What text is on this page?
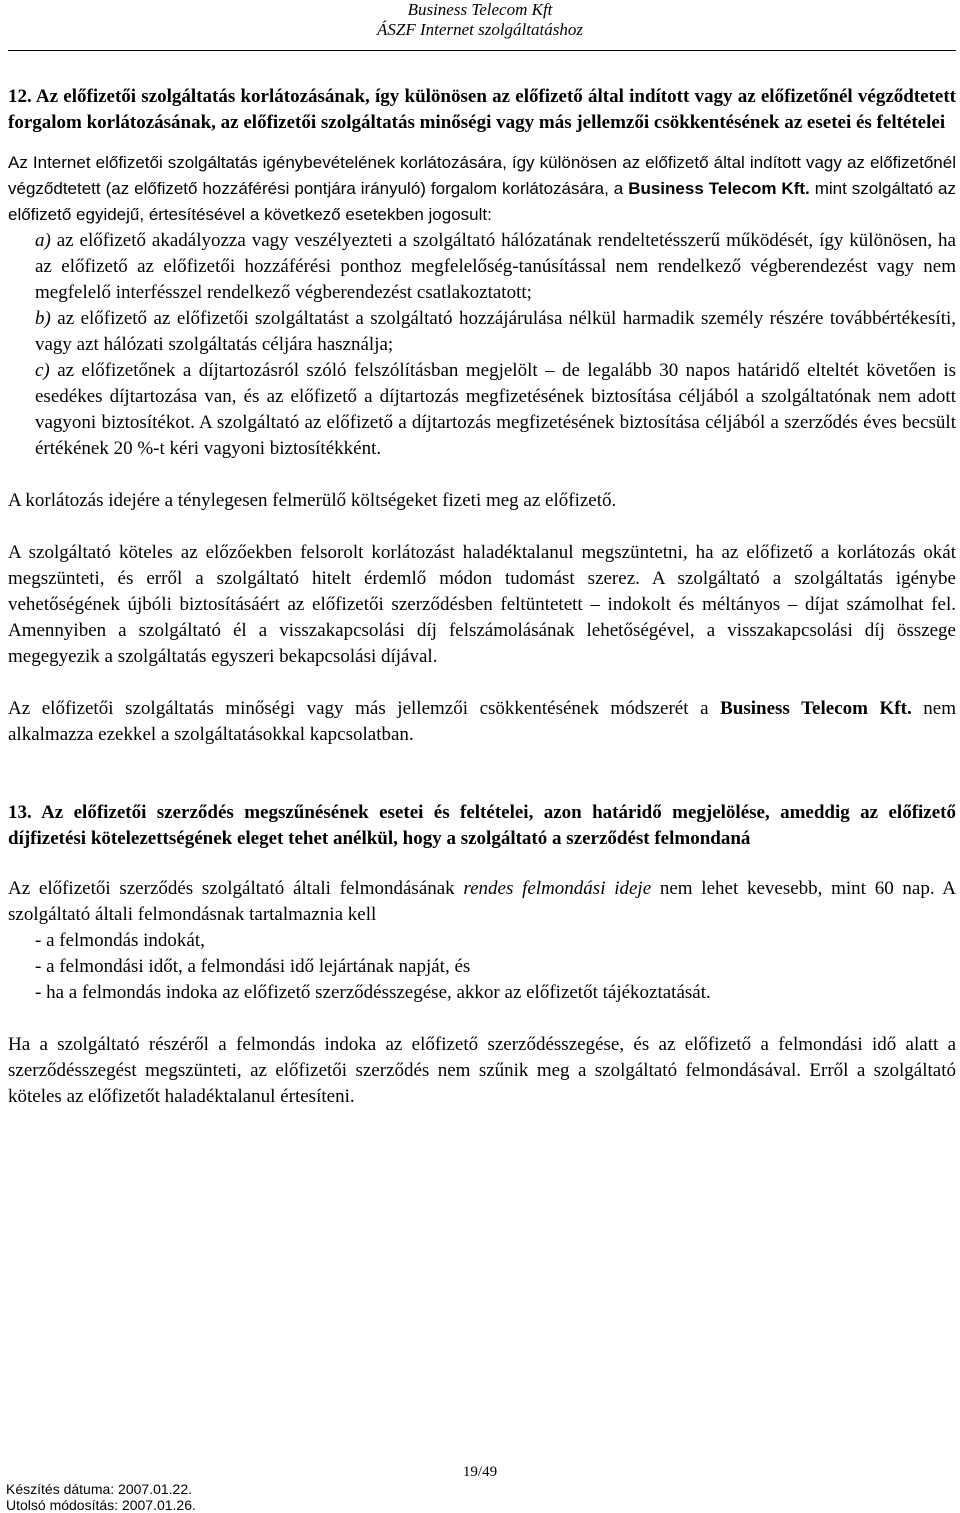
Business Telecom Kft
ÁSZF Internet szolgáltatáshoz

12. Az előfizetői szolgáltatás korlátozásának, így különösen az előfizető által indított vagy az előfizetőnél végződtetett forgalom korlátozásának, az előfizetői szolgáltatás minőségi vagy más jellemzői csökkentésének az esetei és feltételei

Az Internet előfizetői szolgáltatás igénybevételének korlátozására, így különösen az előfizető által indított vagy az előfizetőnél végződtetett (az előfizető hozzáférési pontjára irányuló) forgalom korlátozására, a Business Telecom Kft. mint szolgáltató az előfizető egyidejű, értesítésével a következő esetekben jogosult:

a) az előfizető akadályozza vagy veszélyezteti a szolgáltató hálózatának rendeltetésszerű működését, így különösen, ha az előfizető az előfizetői hozzáférési ponthoz megfelelőség-tanúsítással nem rendelkező végberendezést vagy nem megfelelő interfésszel rendelkező végberendezést csatlakoztatott;

b) az előfizető az előfizetői szolgáltatást a szolgáltató hozzájárulása nélkül harmadik személy részére továbbértékesíti, vagy azt hálózati szolgáltatás céljára használja;

c) az előfizetőnek a díjtartozásról szóló felszólításban megjelölt – de legalább 30 napos határidő elteltét követően is esedékes díjtartozása van, és az előfizető a díjtartozás megfizetésének biztosítása céljából a szolgáltatónak nem adott vagyoni biztosítékot. A szolgáltató az előfizető a díjtartozás megfizetésének biztosítása céljából a szerződés éves becsült értékének 20 %-t kéri vagyoni biztosítékként.

A korlátozás idejére a ténylegesen felmerülő költségeket fizeti meg az előfizető.

A szolgáltató köteles az előzőekben felsorolt korlátozást haladéktalanul megszüntetni, ha az előfizető a korlátozás okát megszünteti, és erről a szolgáltató hitelt érdemlő módon tudomást szerez. A szolgáltató a szolgáltatás igénybe vehetőségének újbóli biztosításáért az előfizetői szerződésben feltüntetett – indokolt és méltányos – díjat számolhat fel. Amennyiben a szolgáltató él a visszakapcsolási díj felszámolásának lehetőségével, a visszakapcsolási díj összege megegyezik a szolgáltatás egyszeri bekapcsolási díjával.

Az előfizetői szolgáltatás minőségi vagy más jellemzői csökkentésének módszerét a Business Telecom Kft. nem alkalmazza ezekkel a szolgáltatásokkal kapcsolatban.

13. Az előfizetői szerződés megszűnésének esetei és feltételei, azon határidő megjelölése, ameddig az előfizető díjfizetési kötelezettségének eleget tehet anélkül, hogy a szolgáltató a szerződést felmondaná

Az előfizetői szerződés szolgáltató általi felmondásának rendes felmondási ideje nem lehet kevesebb, mint 60 nap. A szolgáltató általi felmondásnak tartalmaznia kell

- a felmondás indokát,

- a felmondási időt, a felmondási idő lejártának napját, és

- ha a felmondás indoka az előfizető szerződésszegése, akkor az előfizetőt tájékoztatását.

Ha a szolgáltató részéről a felmondás indoka az előfizető szerződésszegése, és az előfizető a felmondási idő alatt a szerződésszegést megszünteti, az előfizetői szerződés nem szűnik meg a szolgáltató felmondásával. Erről a szolgáltató köteles az előfizetőt haladéktalanul értesíteni.

19/49
Készítés dátuma: 2007.01.22.
Utolsó módosítás: 2007.01.26.
